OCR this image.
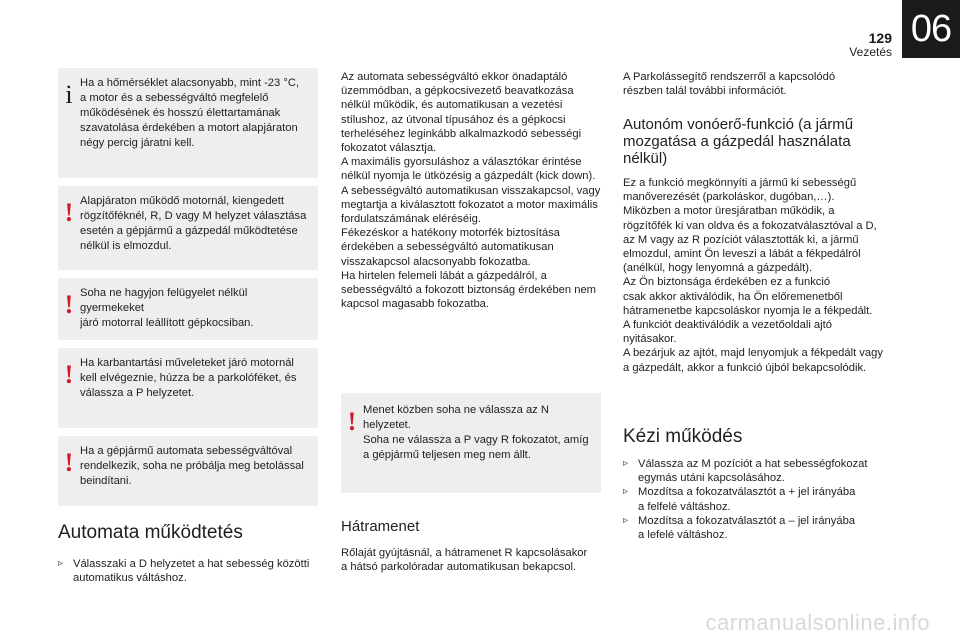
129
Vezetés
06
i Ha a hőmérséklet alacsonyabb, mint -23 °C,
a motor és a sebességváltó megfelelő
működésének és hosszú élettartamának
szavatolása érdekében a motort alapjáraton
négy percig járatni kell.
! Alapjáraton működő motornál, kiengedett
rögzítőféknél, R, D vagy M helyzet választása
esetén a gépjármű a gázpedál működtetése
nélkül is elmozdul.
! Soha ne hagyjon felügyelet nélkül gyermekeket
járó motorral leállított gépkocsiban.
! Ha karbantartási műveleteket járó motornál
kell elvégeznie, húzza be a parkolóféket, és
válassza a P helyzetet.
! Ha a gépjármű automata sebességváltóval
rendelkezik, soha ne próbálja meg betolással
beindítani.
Automata működtetés
▹ Válasszaki a D helyzetet a hat sebesség közötti
automatikus váltáshoz.
Az automata sebességváltó ekkor önadaptáló
üzemmódban, a gépkocsivezető beavatkozása
nélkül működik, és automatikusan a vezetési
stílushoz, az útvonal típusához és a gépkocsi
terheléséhez leginkább alkalmazkodó sebességi
fokozatot választja.
A maximális gyorsuláshoz a választókar érintése
nélkül nyomja le ütközésig a gázpedált (kick down).
A sebességváltó automatikusan visszakapcsol, vagy
megtartja a kiválasztott fokozatot a motor maximális
fordulatszámának eléréséig.
Fékezéskor a hatékony motorfék biztosítása
érdekében a sebességváltó automatikusan
visszakapcsol alacsonyabb fokozatba.
Ha hirtelen felemeli lábát a gázpedálról, a
sebességváltó a fokozott biztonság érdekében nem
kapcsol magasabb fokozatba.
! Menet közben soha ne válassza az N
helyzetet.
Soha ne válassza a P vagy R fokozatot, amíg
a gépjármű teljesen meg nem állt.
Hátramenet
Rőlaját gyújtásnál, a hátramenet R kapcsolásakor
a hátsó parkolóradar automatikusan bekapcsol.
A Parkolássegítő rendszerről a kapcsolódó
részben talál további információt.
Autonóm vonóerő-funkció (a jármű
mozgatása a gázpedál használata
nélkül)
Ez a funkció megkönnyíti a jármű ki sebességű
manőverezését (parkoláskor, dugóban,…).
Miközben a motor üresjáratban működik, a
rögzítőfék ki van oldva és a fokozatválasztóval a D,
az M vagy az R pozíciót választották ki, a jármű
elmozdul, amint Ön leveszi a lábát a fékpedálról
(anélkül, hogy lenyomná a gázpedált).
Az Ön biztonsága érdekében ez a funkció
csak akkor aktiválódik, ha Ön előremenetből
hátramenetbe kapcsoláskor nyomja le a fékpedált.
A funkciót deaktiválódik a vezetőoldali ajtó
nyitásakor.
A bezárjuk az ajtót, majd lenyomjuk a fékpedált vagy
a gázpedált, akkor a funkció újból bekapcsolódik.
Kézi működés
▹ Válassza az M pozíciót a hat sebességfokozat
egymás utáni kapcsolásához.
▹ Mozdítsa a fokozatválasztót a + jel irányába
a felfelé váltáshoz.
▹ Mozdítsa a fokozatválasztót a – jel irányába
a lefelé váltáshoz.
carmanualsonline.info
